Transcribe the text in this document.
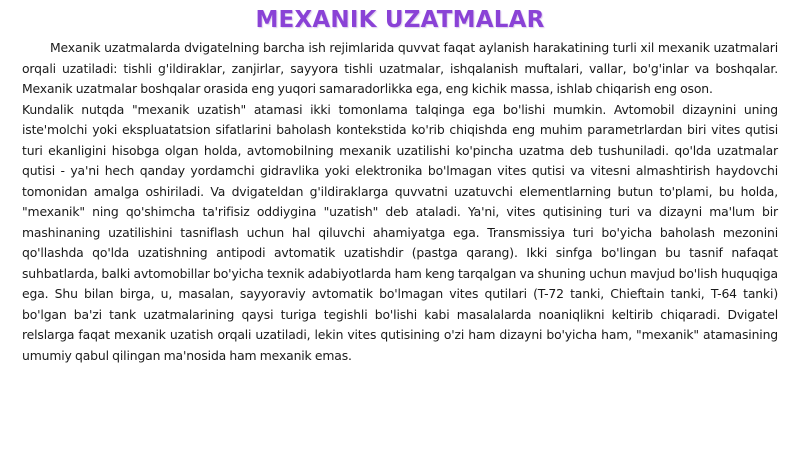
MEXANIK UZATMALAR

Mexanik uzatmalarda dvigatelning barcha ish rejimlarida quvvat faqat aylanish harakatining turli xil mexanik uzatmalari orqali uzatiladi: tishli g'ildiraklar, zanjirlar, sayyora tishli uzatmalar, ishqalanish muftalari, vallar, bo'g'inlar va boshqalar. Mexanik uzatmalar boshqalar orasida eng yuqori samaradorlikka ega, eng kichik massa, ishlab chiqarish eng oson.

Kundalik nutqda "mexanik uzatish" atamasi ikki tomonlama talqinga ega bo'lishi mumkin. Avtomobil dizaynini uning iste'molchi yoki ekspluatatsion sifatlarini baholash kontekstida ko'rib chiqishda eng muhim parametrlardan biri vites qutisi turi ekanligini hisobga olgan holda, avtomobilning mexanik uzatilishi ko'pincha uzatma deb tushuniladi. qo'lda uzatmalar qutisi - ya'ni hech qanday yordamchi gidravlika yoki elektronika bo'lmagan vites qutisi va vitesni almashtirish haydovchi tomonidan amalga oshiriladi. Va dvigateldan g'ildiraklarga quvvatni uzatuvchi elementlarning butun to'plami, bu holda, "mexanik" ning qo'shimcha ta'rifisiz oddiygina "uzatish" deb ataladi. Ya'ni, vites qutisining turi va dizayni ma'lum bir mashinaning uzatilishini tasniflash uchun hal qiluvchi ahamiyatga ega. Transmissiya turi bo'yicha baholash mezonini qo'llashda qo'lda uzatishning antipodi avtomatik uzatishdir (pastga qarang). Ikki sinfga bo'lingan bu tasnif nafaqat suhbatlarda, balki avtomobillar bo'yicha texnik adabiyotlarda ham keng tarqalgan va shuning uchun mavjud bo'lish huquqiga ega. Shu bilan birga, u, masalan, sayyoraviy avtomatik bo'lmagan vites qutilari (T-72 tanki, Chieftain tanki, T-64 tanki) bo'lgan ba'zi tank uzatmalarining qaysi turiga tegishli bo'lishi kabi masalalarda noaniqlikni keltirib chiqaradi. Dvigatel relslarga faqat mexanik uzatish orqali uzatiladi, lekin vites qutisining o'zi ham dizayni bo'yicha ham, "mexanik" atamasining umumiy qabul qilingan ma'nosida ham mexanik emas.
